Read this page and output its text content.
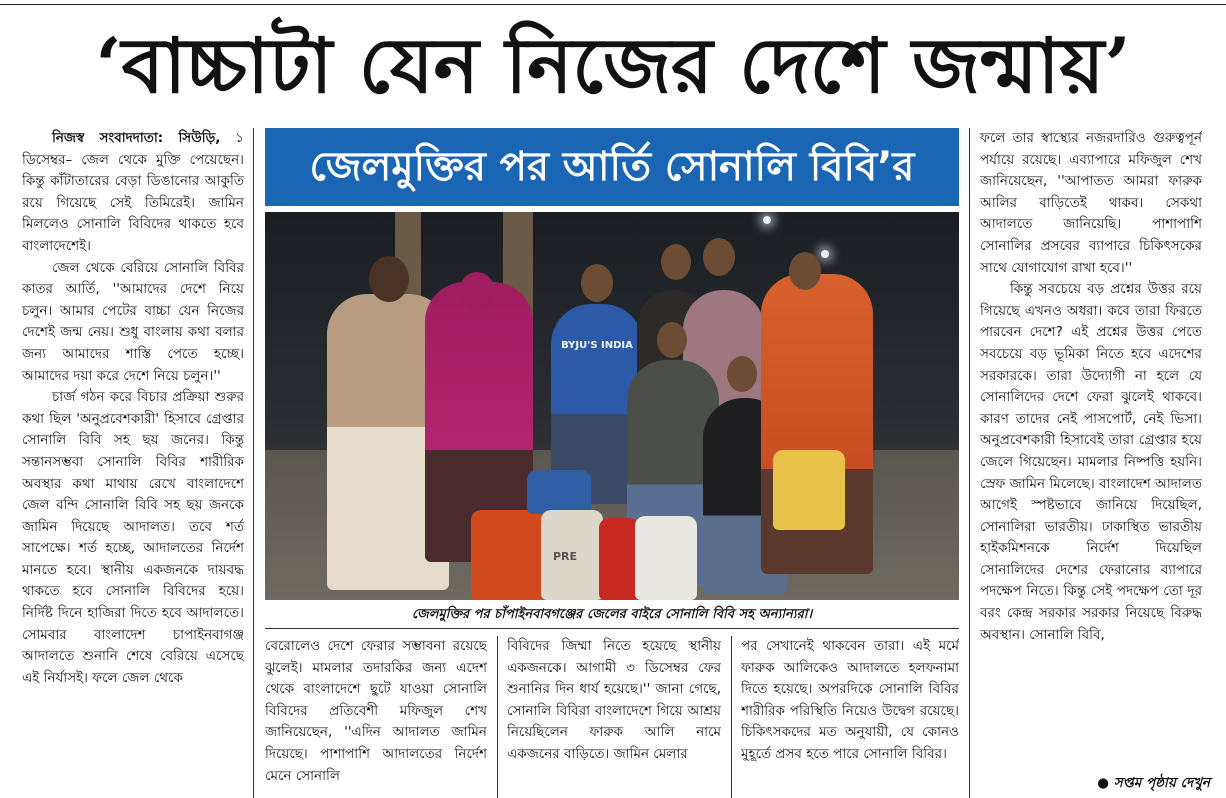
‘বাচ্চাটা যেন নিজের দেশে জন্মায়’

নিজস্ব সংবাদদাতা: সিউড়ি, ১ ডিসেম্বর– জেল থেকে মুক্তি পেয়েছেন। কিন্তু কাঁটাতারের বেড়া ডিঙানোর আকুতি রয়ে গিয়েছে সেই তিমিরেই। জামিন মিললেও সোনালি বিবিদের থাকতে হবে বাংলাদেশেই।

জেল থেকে বেরিয়ে সোনালি বিবির কাতর আর্তি, ''আমাদের দেশে নিয়ে চলুন। আমার পেটের বাচ্চা যেন নিজের দেশেই জন্ম নেয়। শুধু বাংলায় কথা বলার জন্য আমাদের শাস্তি পেতে হচ্ছে। আমাদের দয়া করে দেশে নিয়ে চলুন।''

চার্জ গঠন করে বিচার প্রক্রিয়া শুরুর কথা ছিল 'অনুপ্রবেশকারী' হিসাবে গ্রেপ্তার সোনালি বিবি সহ ছয় জনের। কিন্তু সন্তানসম্ভবা সোনালি বিবির শারীরিক অবস্থার কথা মাথায় রেখে বাংলাদেশে জেল বন্দি সোনালি বিবি সহ ছয় জনকে জামিন দিয়েছে আদালত। তবে শর্ত সাপেক্ষে। শর্ত হচ্ছে, আদালতের নির্দেশ মানতে হবে। স্থানীয় একজনকে দায়বদ্ধ থাকতে হবে সোনালি বিবিদের হয়ে। নির্দিষ্ট দিনে হাজিরা দিতে হবে আদালতে। সোমবার বাংলাদেশ চাপাইনবাগঞ্জ আদালতে শুনানি শেষে বেরিয়ে এসেছে এই নির্যাসই। ফলে জেল থেকে

জেলমুক্তির পর আর্তি সোনালি বিবি’র
BYJU'S INDIA
PRE
জেলমুক্তির পর চাঁপাইনবাবগঞ্জের জেলের বাইরে সোনালি বিবি সহ অন্যান্যরা।

বেরোলেও দেশে ফেরার সম্ভাবনা রয়েছে ঝুলেই। মামলার তদারকির জন্য এদেশ থেকে বাংলাদেশে ছুটে যাওয়া সোনালি বিবিদের প্রতিবেশী মফিজুল শেখ জানিয়েছেন, ''এদিন আদালত জামিন দিয়েছে। পাশাপাশি আদালতের নির্দেশ মেনে সোনালি

বিবিদের জিম্মা নিতে হয়েছে স্থানীয় একজনকে। আগামী ৩ ডিসেম্বর ফের শুনানির দিন ধার্য হয়েছে।'' জানা গেছে, সোনালি বিবিরা বাংলাদেশে গিয়ে আশ্রয় নিয়েছিলেন ফারুক আলি নামে একজনের বাড়িতে। জামিন মেলার

পর সেখানেই থাকবেন তারা। এই মর্মে ফারুক আলিকেও আদালতে হলফনামা দিতে হয়েছে। অপরদিকে সোনালি বিবির শারীরিক পরিস্থিতি নিয়েও উদ্বেগ রয়েছে। চিকিৎসকদের মত অনুযায়ী, যে কোনও মুহূর্তে প্রসব হতে পারে সোনালি বিবির।

ফলে তার স্বাস্থ্যের নজরদারিও গুরুত্বপূর্ন পর্যায়ে রয়েছে। এব্যাপারে মফিজুল শেখ জানিয়েছেন, ''আপাতত আমরা ফারুক আলির বাড়িতেই থাকব। সেকথা আদালতে জানিয়েছি। পাশাপাশি সোনালির প্রসবের ব্যাপারে চিকিৎসকের সাথে যোগাযোগ রাখা হবে।''

কিন্তু সবচেয়ে বড় প্রশ্নের উত্তর রয়ে গিয়েছে এখনও অধরা। কবে তারা ফিরতে পারবেন দেশে? এই প্রশ্নের উত্তর পেতে সবচেয়ে বড় ভূমিকা নিতে হবে এদেশের সরকারকে। তারা উদ্যোগী না হলে যে সোনালিদের দেশে ফেরা ঝুলেই থাকবে। কারণ তাদের নেই পাসপোর্ট, নেই ভিসা। অনুপ্রবেশকারী হিসাবেই তারা গ্রেপ্তার হয়ে জেলে গিয়েছেন। মামলার নিষ্পত্তি হয়নি। স্রেফ জামিন মিলেছে। বাংলাদেশ আদালত আগেই স্পষ্টভাবে জানিয়ে দিয়েছিল, সোনালিরা ভারতীয়। ঢাকাস্থিত ভারতীয় হাইকমিশনকে নির্দেশ দিয়েছিল সোনালিদের দেশের ফেরানোর ব্যাপারে পদক্ষেপ নিতে। কিন্তু সেই পদক্ষেপ তো দূর বরং কেন্দ্র সরকার সরকার নিয়েছে বিরুদ্ধ অবস্থান। সোনালি বিবি,

● সপ্তম পৃষ্ঠায় দেখুন
